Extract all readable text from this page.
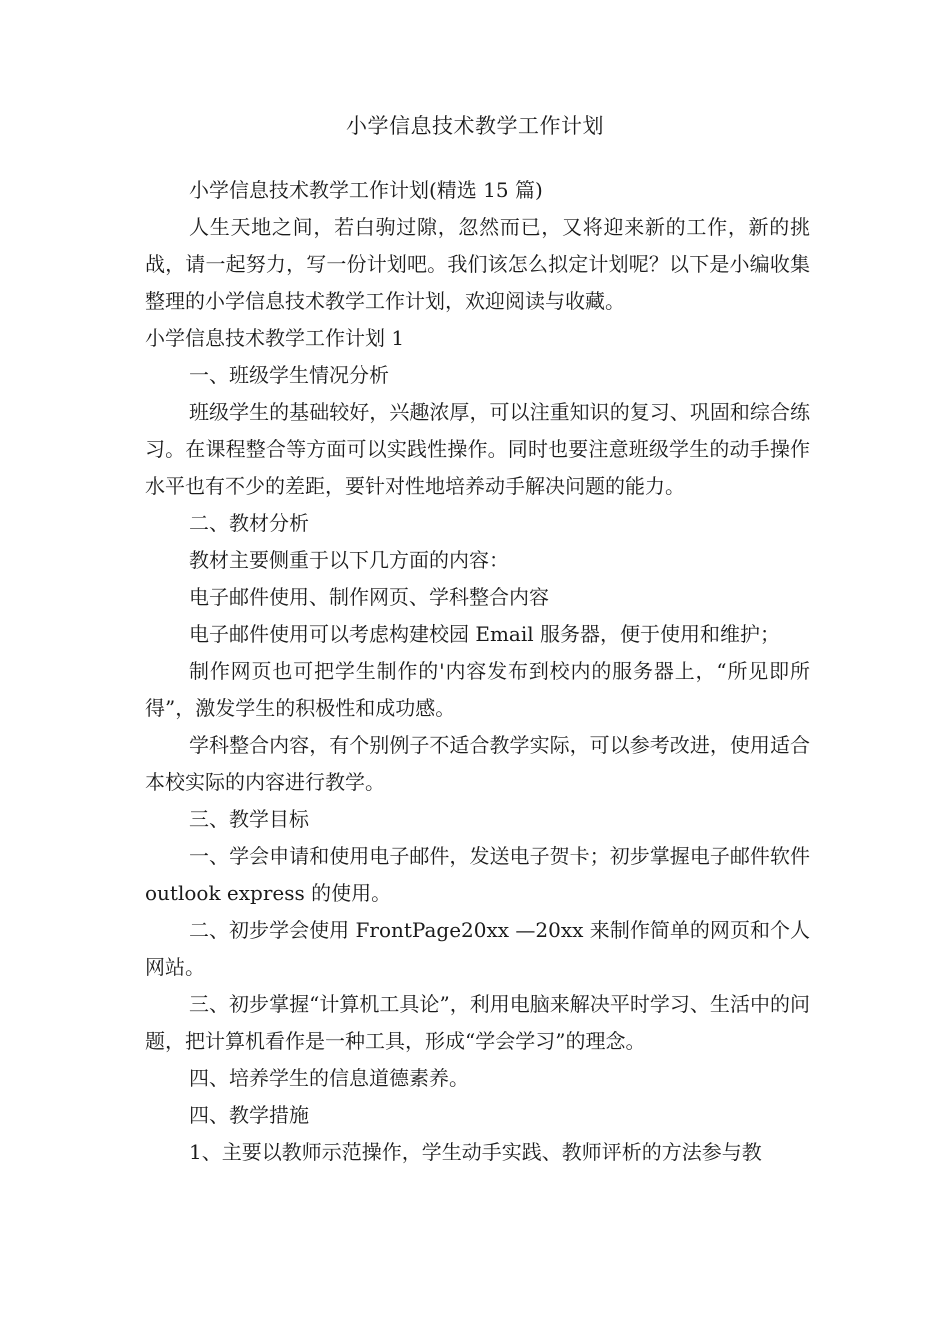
小学信息技术教学工作计划

小学信息技术教学工作计划(精选 15 篇)

人生天地之间，若白驹过隙，忽然而已，又将迎来新的工作，新的挑战，请一起努力，写一份计划吧。我们该怎么拟定计划呢？以下是小编收集整理的小学信息技术教学工作计划，欢迎阅读与收藏。

小学信息技术教学工作计划 1

一、班级学生情况分析

班级学生的基础较好，兴趣浓厚，可以注重知识的复习、巩固和综合练习。在课程整合等方面可以实践性操作。同时也要注意班级学生的动手操作水平也有不少的差距，要针对性地培养动手解决问题的能力。

二、教材分析

教材主要侧重于以下几方面的内容：

电子邮件使用、制作网页、学科整合内容

电子邮件使用可以考虑构建校园 Email 服务器，便于使用和维护；

制作网页也可把学生制作的'内容发布到校内的服务器上，“所见即所得”，激发学生的积极性和成功感。

学科整合内容，有个别例子不适合教学实际，可以参考改进，使用适合本校实际的内容进行教学。

三、教学目标

一、学会申请和使用电子邮件，发送电子贺卡；初步掌握电子邮件软件 outlook express 的使用。

二、初步学会使用 FrontPage20xx —20xx 来制作简单的网页和个人网站。

三、初步掌握“计算机工具论”，利用电脑来解决平时学习、生活中的问题，把计算机看作是一种工具，形成“学会学习”的理念。

四、培养学生的信息道德素养。

四、教学措施

1、主要以教师示范操作，学生动手实践、教师评析的方法参与教
